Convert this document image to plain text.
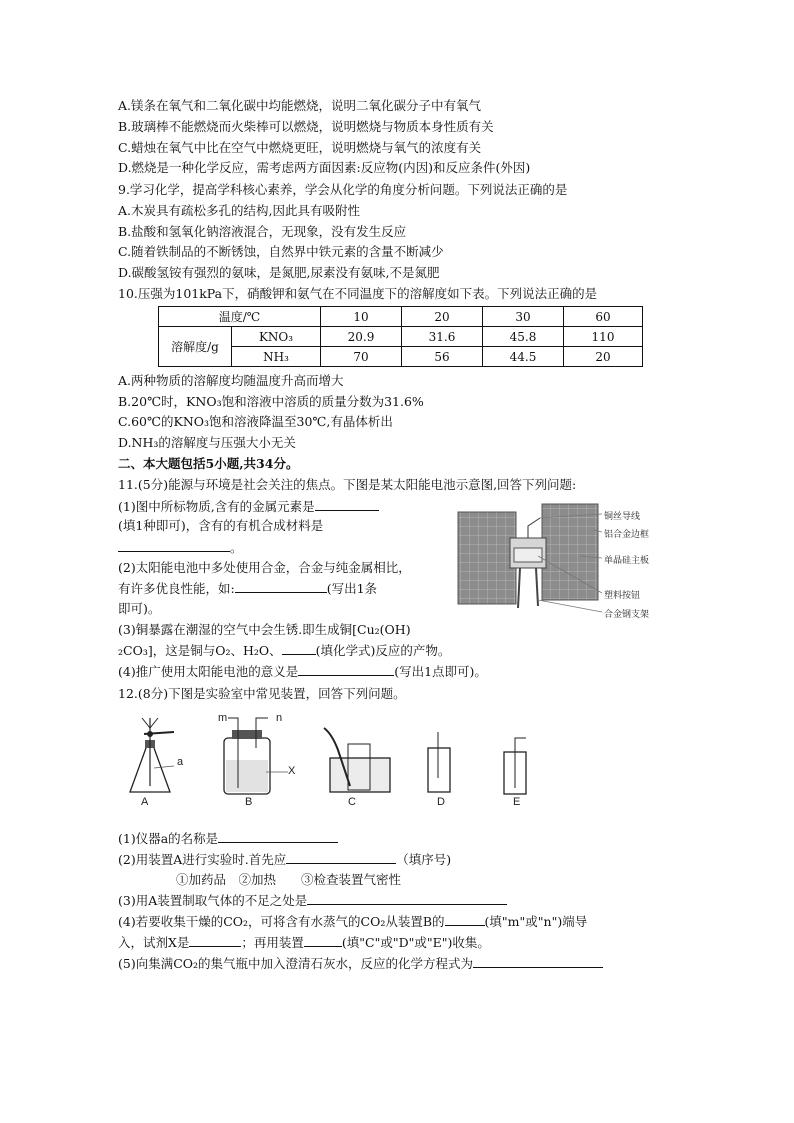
A.镁条在氧气和二氧化碳中均能燃烧，说明二氧化碳分子中有氧气
B.玻璃棒不能燃烧而火柴棒可以燃烧，说明燃烧与物质本身性质有关
C.蜡烛在氧气中比在空气中燃烧更旺，说明燃烧与氧气的浓度有关
D.燃烧是一种化学反应，需考虑两方面因素:反应物(内因)和反应条件(外因)
9.学习化学，提高学科核心素养，学会从化学的角度分析问题。下列说法正确的是
A.木炭具有疏松多孔的结构,因此具有吸附性
B.盐酸和氢氧化钠溶液混合，无现象，没有发生反应
C.随着铁制品的不断锈蚀，自然界中铁元素的含量不断减少
D.碳酸氢铵有强烈的氨味，是氮肥,尿素没有氨味,不是氮肥
10.压强为101kPa下，硝酸钾和氨气在不同温度下的溶解度如下表。下列说法正确的是
温度/℃		10	20	30	60
溶解度/g	KNO₃	20.9	31.6	45.8	110
	NH₃	70	56	44.5	20
A.两种物质的溶解度均随温度升高而增大
B.20℃时，KNO₃饱和溶液中溶质的质量分数为31.6%
C.60℃的KNO₃饱和溶液降温至30℃,有晶体析出
D.NH₃的溶解度与压强大小无关
二、本大题包括5小题,共34分。
11.(5分)能源与环境是社会关注的焦点。下图是某太阳能电池示意图,回答下列问题:
(1)图中所标物质,含有的金属元素是
(填1种即可)，含有的有机合成材料是
。
(2)太阳能电池中多处使用合金，合金与纯金属相比，
有许多优良性能，如:	(写出1条
即可)。
(3)铜暴露在潮湿的空气中会生锈.即生成铜[Cu₂(OH)
₂CO₃]，这是铜与O₂、H₂O、	(填化学式)反应的产物。
(4)推广使用太阳能电池的意义是	(写出1点即可)。
铜丝导线
铝合金边框
单晶硅主板
塑料按钮
合金钢支架
12.(8分)下图是实验室中常见装置，回答下列问题。
a
m	n
X
A	B	C	D	E
(1)仪器a的名称是
(2)用装置A进行实验时.首先应	（填序号)
①加药品　②加热　　③检查装置气密性
(3)用A装置制取气体的不足之处是
(4)若要收集干燥的CO₂，可将含有水蒸气的CO₂从装置B的	(填"m"或"n")端导
入，试剂X是	；再用装置	(填"C"或"D"或"E")收集。
(5)向集满CO₂的集气瓶中加入澄清石灰水，反应的化学方程式为
